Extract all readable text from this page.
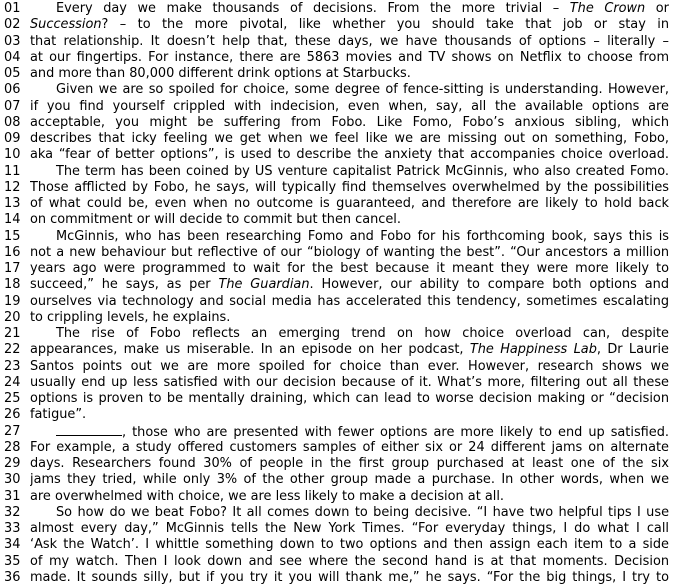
01	Every day we make thousands of decisions. From the more trivial – The Crown or
02 Succession? – to the more pivotal, like whether you should take that job or stay in
03 that relationship. It doesn’t help that, these days, we have thousands of options – literally –
04 at our fingertips. For instance, there are 5863 movies and TV shows on Netflix to choose from
05 and more than 80,000 different drink options at Starbucks.
06	Given we are so spoiled for choice, some degree of fence-sitting is understanding. However,
07 if you find yourself crippled with indecision, even when, say, all the available options are
08 acceptable, you might be suffering from Fobo. Like Fomo, Fobo’s anxious sibling, which
09 describes that icky feeling we get when we feel like we are missing out on something, Fobo,
10 aka “fear of better options”, is used to describe the anxiety that accompanies choice overload.
11	The term has been coined by US venture capitalist Patrick McGinnis, who also created Fomo.
12 Those afflicted by Fobo, he says, will typically find themselves overwhelmed by the possibilities
13 of what could be, even when no outcome is guaranteed, and therefore are likely to hold back
14 on commitment or will decide to commit but then cancel.
15	McGinnis, who has been researching Fomo and Fobo for his forthcoming book, says this is
16 not a new behaviour but reflective of our “biology of wanting the best”. “Our ancestors a million
17 years ago were programmed to wait for the best because it meant they were more likely to
18 succeed,” he says, as per The Guardian. However, our ability to compare both options and
19 ourselves via technology and social media has accelerated this tendency, sometimes escalating
20 to crippling levels, he explains.
21	The rise of Fobo reflects an emerging trend on how choice overload can, despite
22 appearances, make us miserable. In an episode on her podcast, The Happiness Lab, Dr Laurie
23 Santos points out we are more spoiled for choice than ever. However, research shows we
24 usually end up less satisfied with our decision because of it. What’s more, filtering out all these
25 options is proven to be mentally draining, which can lead to worse decision making or “decision
26 fatigue”.
27	, those who are presented with fewer options are more likely to end up satisfied.
28 For example, a study offered customers samples of either six or 24 different jams on alternate
29 days. Researchers found 30% of people in the first group purchased at least one of the six
30 jams they tried, while only 3% of the other group made a purchase. In other words, when we
31 are overwhelmed with choice, we are less likely to make a decision at all.
32	So how do we beat Fobo? It all comes down to being decisive. “I have two helpful tips I use
33 almost every day,” McGinnis tells the New York Times. “For everyday things, I do what I call
34 ‘Ask the Watch’. I whittle something down to two options and then assign each item to a side
35 of my watch. Then I look down and see where the second hand is at that moments. Decision
36 made. It sounds silly, but if you try it you will thank me,” he says. “For the big things, I try to
